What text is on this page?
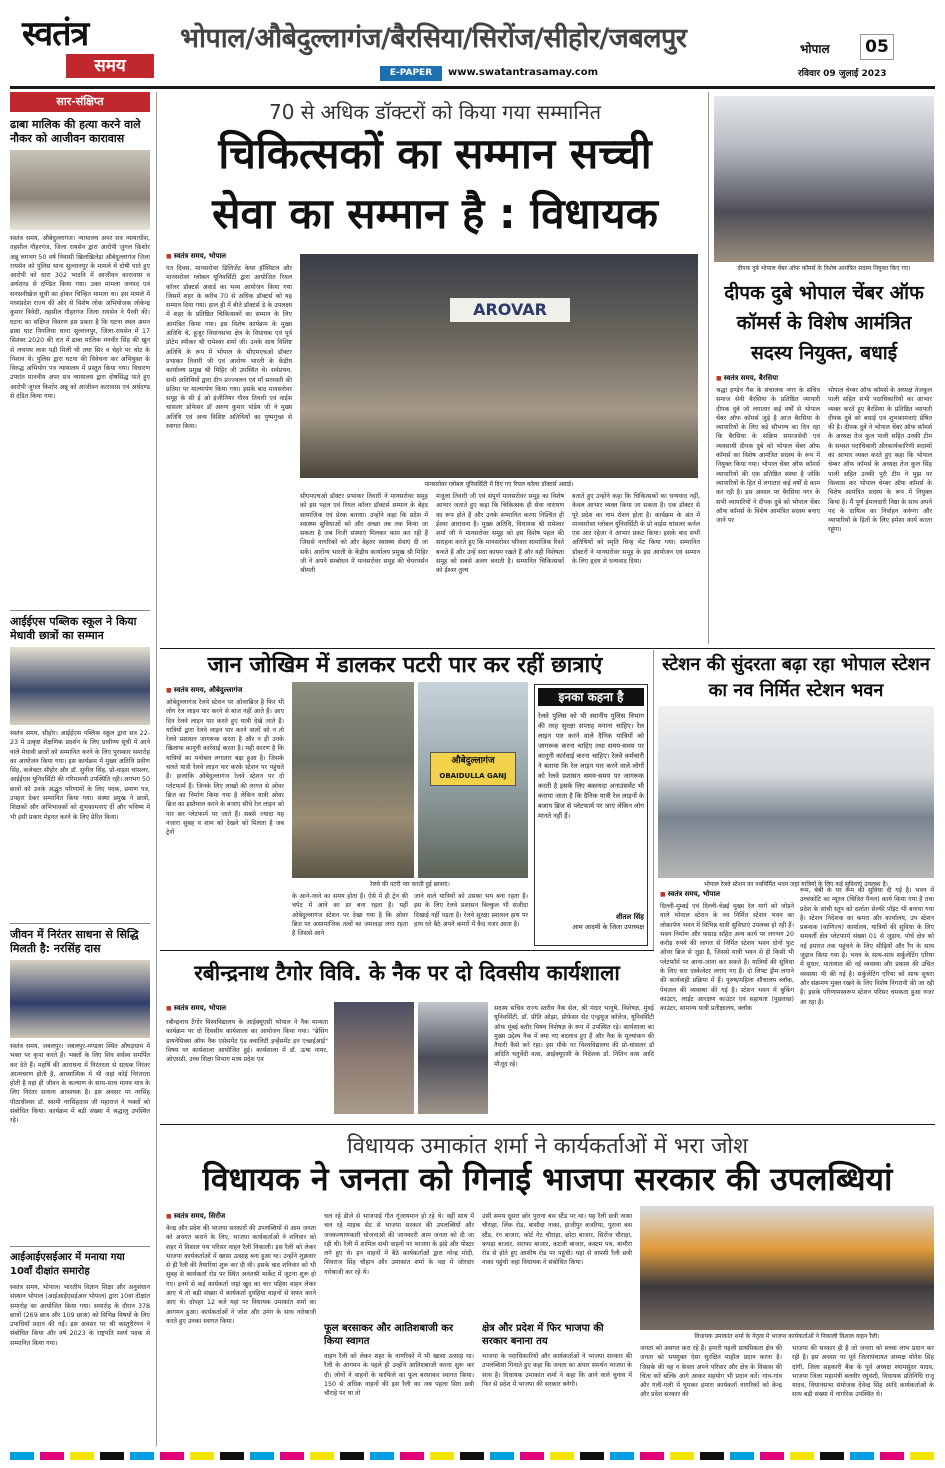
स्वतंत्र
समय
भोपाल/औबेदुल्लागंज/बैरसिया/सिरोंज/सीहोर/जबलपुर
E-PAPER	www.swatantrasamay.com
भोपाल	05
रविवार 09 जुलाई 2023
सार-संक्षिप्त
ढाबा मालिक की हत्या करने वाले नौकर को आजीवन कारावास
स्वतंत्र समय, औबेदुल्लागंज। न्यायालय अपर सत्र न्यायाधीश, तहसील गौहरगंज, जिला रायसेन द्वारा आरोपी जुगल किशोर अन्नू लगभग 50 वर्ष निवासी खिलखिलेड़ा औबेदुल्लागंज जिला रायसेन को पुलिस थाना सुल्तानपुर के मामले में दोषी पाते हुए आरोपी को धारा 302 भादवि में आजीवन कारावास व अर्थदण्ड से दण्डित किया गया। उक्त मामला जनपद एवं सनसनीखेज सूची का होकर चिन्हित मामला था। इस मामले में मध्यप्रदेश राज्य की ओर से विशेष लोक अभियोजक लोकेन्द्र कुमार त्रिवेदी, तहसील गौहरगंज जिला रायसेन ने पैरवी की। घटना का संक्षिप्त विवरण इस प्रकार है कि घटना स्थल अमन ढाबा घाट पिपलिया थाना सुल्तानपुर, जिला-रायसेन में 17 सितंबर 2020 की रात में ढाबा मालिक मनवीर सिंह की खून से लथपथ लाश पड़ी मिली थी तथा सिर व चेहरे पर चोट के निशान थे। पुलिस द्वारा घटना की विवेचना कर अभियुक्त के विरुद्ध अभियोग पत्र न्यायालय में प्रस्तुत किया गया। विचारण उपरांत माननीय अपर सत्र न्यायालय द्वारा दोषसिद्ध पाते हुए आरोपी जुगल किशोर अन्नू को आजीवन कारावास एवं अर्थदण्ड से दंडित किया गया।
आईईएस पब्लिक स्कूल ने किया मेधावी छात्रों का सम्मान
स्वतंत्र समय, सीहोर। आईईएस पब्लिक स्कूल द्वारा सत्र 22-23 में उत्कृष्ट शैक्षणिक प्रदर्शन के लिए प्रावीण्य सूची में आने वाले मेधावी छात्रों को सम्मानित करने के लिए पुरस्कार समारोह का आयोजन किया गया। इस कार्यक्रम में मुख्य अतिथि प्रवीण सिंह, कलेक्टर सीहोर और डॉ. सुनील सिंह, प्रो-वाइस चांसलर, आईईएस यूनिवर्सिटी की गरिमामयी उपस्थिति रही। लगभग 50 छात्रों को उनके अद्भुत परिणामों के लिए पदक, प्रमाण पत्र, उपहार देकर सम्मानित किया गया। संस्था प्रमुख ने छात्रों, शिक्षकों और अभिभावकों को शुभकामनाएं दीं और भविष्य में भी इसी प्रकार मेहनत करने के लिए प्रेरित किया।
जीवन में निरंतर साधना से सिद्धि मिलती है: नरसिंह दास
स्वतंत्र समय, जबलपुर। जबलपुर-मण्डला स्थित औघड़धाम में भक्त पर कृपा करते हैं। भक्तों के लिए शिव सर्वस्व समर्पित कर देते हैं। महर्षि की आराधना में निरंतरता से साधक निरंतर आत्मचरण होती है, आध्यात्मिक में भी जहां कोई निरंतरता होती है वहां ही जीवन के कल्याण के साथ-साथ मानव मात्र के लिए निरंतर साधना आवश्यक है। इस अवसर पर नरसिंह पीठाधीश्वर डॉ. स्वामी नरसिंहदास जी महाराज ने भक्तों को संबोधित किया। कार्यक्रम में बड़ी संख्या में श्रद्धालु उपस्थित रहे।
आईआईएसईआर में मनाया गया 10वाँ दीक्षांत समारोह
स्वतंत्र समय, भोपाल। भारतीय विज्ञान शिक्षा और अनुसंधान संस्थान भोपाल (आईआईएसईआर भोपाल) द्वारा 10वां दीक्षांत समारोह का आयोजित किया गया। समारोह के दौरान 378 छात्रों (269 छात्र और 109 छात्रा) को विभिन्न विषयों के लिए उपाधियाँ प्रदान की गईं। इस अवसर पर श्री कस्तूरीरंगन ने संबोधित किया और वर्ष 2023 के राष्ट्रपति स्वर्ण पदक से सम्मानित किया गया।
70 से अधिक डॉक्टरों को किया गया सम्मानित
चिकित्सकों का सम्मान सच्ची
सेवा का सम्मान है : विधायक
■ स्वतंत्र समय, भोपाल
गत दिवस, मानसरोवर डिलिजेंट केयर हॉस्पिटल और मानसरोवर ग्लोबल यूनिवर्सिटी द्वारा आयोजित रियल कॉलर डॉक्टर्स अवार्ड का भव्य आयोजन किया गया जिसमें शहर के करीब 70 से अधिक डॉक्टर्स को यह सम्मान दिया गया। हाल ही में बीते डॉक्टर्स डे के उपलक्ष्य में शहर के प्रतिष्ठित चिकित्सकों का सम्मान के लिए आमंत्रित किया गया। इस विशेष कार्यक्रम के मुख्य अतिथि थे, हुजूर विधानसभा क्षेत्र के विधायक एवं पूर्व प्रोटेम स्पीकर श्री रामेश्वर शर्मा जी। उनके साथ विशिष्ट अतिथि के रूप में भोपाल के सीएमएचओ डॉक्टर प्रभाकर तिवारी जी एवं आरोग्य भारती के केंद्रीय कार्यालय प्रमुख श्री मिहिर जी उपस्थित थे। सर्वप्रथम, सभी अतिथियों द्वारा दीप प्रज्ज्वलन एवं माँ सरस्वती की प्रतिमा पर माल्यार्पण किया गया। इसके बाद मानसरोवर समूह के सी ई ओ इंजीनियर गौरव तिवारी एवं वाईस चांसलर प्रोफेसर डॉ अरुण कुमार पांडेय जी ने मुख्य अतिथि एवं अन्य विशिष्ट अतिथियों का पुष्पगुच्छ से स्वागत किया।
AROVAR
मानसरोवर ग्लोबल यूनिवर्सिटी में दिए गए रियल कॉलर डॉक्टर्स अवार्ड।
सीएमएचओ डॉक्टर प्रभाकर तिवारी ने मानसरोवर समूह को इस पहल एवं रियल कॉलर डॉक्टर्स सम्मान के बेहद सामाजिक एवं प्रेरक बताया। उन्होंने कहा कि प्रदेश में स्वास्थ्य सुविधाओं को और अच्छा तब तक किया जा सकता है जब निजी संस्थाएं मिलकर काम कर रही हैं जिससे नागरिकों को और बेहतर स्वास्थ्य सेवाएं दी जा सकें। आरोग्य भारती के केंद्रीय कार्यालय प्रमुख श्री मिहिर जी ने अपने सम्बोधन में मानसरोवर समूह की चेयरपर्सन श्रीमती
मंजुला तिवारी जी एवं संपूर्ण मानसरोवर समूह का विशेष आभार जताते हुए कहा कि चिकित्सक ही सेवा नारायण का रूप होते हैं और उनके सम्मानित करना निश्चित ही ईश्वर आराधना है। मुख्य अतिथि, विधायक श्री रामेश्वर शर्मा जी ने मानसरोवर समूह को इस विशेष पहल की सराहना करते हुए कि मानसरोवर परिवार सामाजिक रिश्ते बनाते हैं और उन्हें सदा कायम रखते हैं और यही विशेषता समूह को सबसे अलग बनाती है। सम्मानित चिकित्सकों को ईश्वर तुल्य
बताते हुए उन्होंने कहा कि चिकित्सकों का धन्यवाद नहीं, केवल आभार व्यक्त किया जा सकता है। एक डॉक्टर से पूरे प्रदेश का नाम रोशन होता है। कार्यक्रम के अंत में मानसरोवर ग्लोबल यूनिवर्सिटी के प्रो वाईस चांसलर कर्नल एस आर रहेजा ने आभार प्रकट किया। इसके बाद सभी अतिथियों को स्मृति चिन्ह भेंट किया गया। सम्मानित डॉक्टरों ने मानसरोवर समूह के इस आयोजन एवं सम्मान के लिए हृदय से धन्यवाद दिया।
दीपक दुबे भोपाल चेंबर ऑफ कॉमर्स के विशेष आमंत्रित सदस्य नियुक्त किए गए।
दीपक दुबे भोपाल चेंबर ऑफ कॉमर्स के विशेष आमंत्रित सदस्य नियुक्त, बधाई
■ स्वतंत्र समय, बैरसिया
श्रद्धा इण्डेन गैस के संचालक नगर के संचिव समाज सेवी बैरसिया के प्रतिष्ठित व्यापारी दीपक दुबे जो लगातार कई वर्षों से भोपाल चेंबर ऑफ कॉमर्स जुड़े है आज बैरसिया के व्यापारियों के लिए बड़े सौभाग्य का दिन रहा कि बैरसिया के सक्रिय समाजसेवी एवं व्यवसायी दीपक दुबे को भोपाल चेंबर ऑफ कॉमर्स का विशेष आमंत्रित सदस्य के रूप में नियुक्त किया गया। भोपाल चेंबर ऑफ कॉमर्स व्यापारियों की एक प्रतिष्ठित संस्था है जोकि व्यापारियों के हित में लगातार कई वर्षों से काम कर रही है। इस अवसर पर बैरसिया नगर के सभी व्यापारियों ने दीपक दुबे को भोपाल चेंबर ऑफ कॉमर्स के विशेष आमंत्रित सदस्य बनाए जाने पर
भोपाल चेम्बर ऑफ कॉमर्स के अध्यक्ष तेजकुल पाली सहित सभी पदाधिकारियों का आभार व्यक्त करते हुए बैरसिया के प्रतिष्ठित व्यापारी दीपक दुबे को बधाई एवं शुभकामनाएं प्रेषित की है। दीपक दुबे ने भोपाल चेंबर ऑफ कॉमर्स के अध्यक्ष तेज कुल पाली सहित उनकी टीम के समस्त पदाधिकारी औरकार्यकारिणी सदस्यों का आभार व्यक्त करते हुए कहा कि भोपाल चेम्बर ऑफ कॉमर्स के अध्यक्ष तेज कुल सिंह पाली सहित उनकी पूरी टीम ने मुझ पर विश्वास कर भोपाल चेम्बर ऑफ कॉमर्स के विशेष आमंत्रित सदस्य के रूप में नियुक्त किया है। मैं पूर्ण ईमानदारी निष्ठा के साथ अपने पद के दायित्व का निर्वाहन करूंगा और व्यापारियों के हितों के लिए हमेशा कार्य करता रहूंगा।
जान जोखिम में डालकर पटरी पार कर रहीं छात्राएं
■ स्वतंत्र समय, औबेदुल्लागंज
ओबेदुल्लागंज रेलवे स्टेशन पर ओवरब्रिज है फिर भी लोग रेल लाइन पार करने से बाज नहीं आते हैं। आए दिन रेलवे लाइन पार करते हुए यात्री देखे जाते हैं। यात्रियों द्वारा रेलवे लाइन पार करने वालों को न तो रेलवे प्रशासन जागरूक करता है और न ही उनके खिलाफ कानूनी कार्रवाई करता है। यही कारण है कि यात्रियों का मनोबल लगातार बढ़ा हुआ है। जिसके चलते यात्री रेलवे लाइन पार करके स्टेशन पर पहुंचते हैं। हालांकि ओबेदुल्लागंज रेलवे स्टेशन पर दो प्लेटफार्म हैं। जिनके लिए लाखों की लागत से ओवर ब्रिज का निर्माण किया गया है लेकिन यात्री ओवर ब्रिज का इस्तेमाल करने के बजाए सीधे रेल लाइन को पार कर प्लेटफार्म पर जाते हैं। सबसे ज्यादा यह नजारा सुबह व शाम को देखने को मिलता है जब ट्रेनों
औबेदुल्लागंज
OBAIDULLA GANJ
रेलवे की पटरी पार करती हुई छात्राएं।
के आने-जाने का समय होता है। ऐसे में ही ट्रेन की चपेट में आने का डर बना रहता है। यहीं ओबेदुल्लागंज स्टेशन पर देखा गया है कि ओवर ब्रिज पर असामाजिक तत्वों का जमावड़ा लगा रहता है जिससे आने
जाने वाले यात्रियों को उसका भय बना रहता है। इस के लिए रेलवे प्रशासन बिल्कुल भी संजीदा दिखाई नहीं पड़ता है। रेलवे सुरक्षा प्रशासन हाथ पर हाथ धरे बैठे अपने कमरों में कैद नजर आता है।
इनका कहना है
रेलवे पुलिस को भी स्थानीय पुलिस विभाग की तरह सुरक्षा सप्ताह मनाना चाहिए। रेल लाइन पार करने वाले दैनिक यात्रियों को जागरूक करना चाहिए तथा समय-समय पर कानूनी कार्रवाई करना चाहिए। रेलवे कर्मचारी ने बताया कि रेल लाइन पार करने वाले लोगों को रेलवे प्रशासन समय-समय पर जागरूक करती है इसके लिए बकायदा अनाउंसमेंट भी कराया जाता है कि दैनिक यात्री रेल लाइनों के बजाय ब्रिज से प्लेटफार्म पर जाएं लेकिन लोग मानते नहीं हैं।
शीतल सिंह
आम आदमी के जिला उपाध्यक्ष
स्टेशन की सुंदरता बढ़ा रहा भोपाल स्टेशन का नव निर्मित स्टेशन भवन
भोपाल रेलवे स्टेशन का नवनिर्मित भवन जहां यात्रियों के लिए कई सुविधाएं उपलब्ध हैं।
■ स्वतंत्र समय, भोपाल
दिल्ली-मुम्बई एवं दिल्ली-चेन्नई मुख्य रेल मार्ग को जोड़ने वाले भोपाल स्टेशन के नव निर्मित स्टेशन भवन का लोकार्पण भवन में विभिन्न यात्री सुविधाएं उपलब्ध हो रही हैं। भवन निर्माण और फसाड सहित अन्य कार्य पर लगभग 20 करोड़ रुपये की लागत से निर्मित स्टेशन भवन दोनों फुट ओवर ब्रिज से जुड़ा है, जिससे यात्री भवन से ही किसी भी प्लेटफॉर्म पर आना-जाना कर सकते हैं। यात्रियों की सुविधा के लिए चार एस्केलेटर लगाए गए हैं। दो लिफ्ट ड्रीम लगाने की कार्यवाही प्रक्रिया में हैं। पुरुष/महिला शौचालय ब्लॉक, पेयजल की व्यवस्था की गई है। स्टेशन भवन में बुकिंग काउंटर, लाईट आरक्षण काउंटर एवं सहायता (पूछताछ) काउंटर, सामान्य यात्री प्रतीक्षालय, क्लॉक
रूम, बेबी के यर रूम की सुविधा दी गई है। भवन में उच्चकोटि का म्यूरल (चित्रित पैनल) कार्य किया गया है तथा प्रदेश के सांची स्तूप को दर्शाता सेल्फी पॉइंट भी बनाया गया है। स्टेशन निदेशक का कमरा और कार्यालय, उप स्टेशन प्रबन्धक (वाणिज्य) कार्यालय, यात्रियों की सुविधा के लिए समवर्ती क्षेत्र प्लेटफार्म संख्या 01 से जुड़ाव, पोर्च क्षेत्र को नई इमारत तक पहुंचने के लिए सीढ़ियों और रैंप के साथ जुड़ाव किया गया है। भवन के साथ-साथ सर्कुलेटिंग एरिया में सुधार, यातायात की नई व्यवस्था और प्रकाश की उचित व्यवस्था भी की गई है। सर्कुलेटिंग एरिया को साफ सुथरा और संक्रमण मुक्त रखने के लिए विशेष निगरानी की जा रही है। इसके परिणामस्वरूप स्टेशन परिसर चमकता हुआ नजर आ रहा है।
रबीन्द्रनाथ टैगोर विवि. के नैक पर दो दिवसीय कार्यशाला
■ स्वतंत्र समय, भोपाल
रबीन्द्रनाथ टैगोर विश्वविद्यालय के आईक्यूएसी भोपाल ने नैक मान्यता कार्यक्रम पर दो दिवसीय कार्यशाला का आयोजन किया गया। "ब्रेसिंग डायनेमिक्स ऑफ नैक एसेसमेंट एंड क्वालिटी इन्हेंसमेंट इन एच्छईआई" विषय पर कार्यशाला आयोजित हुई। कार्यशाला में डॉ. ऊषा नायर, ओएसडी, उच्च शिक्षा विभाग मध्य प्रदेश एवं
सदस्य सचिव राज्य स्तरीय नैक सेल, श्री मंदार भानुषे, विशेषज्ञ, मुंबई यूनिवर्सिटी, डॉ. प्रीति ओझा, प्रोफेसर सेंट एन्ड्रयूज कॉलेज, यूनिवर्सिटी ऑफ मुंबई बतौर विषय विशेषज्ञ के रूप में उपस्थित रहे। कार्यशाला का मुख्य उद्देश्य नैक में क्या नए बदलाव हुए हैं और नैक के मूल्यांकन की तैयारी कैसे करें रहा। इस मौके पर विश्वविद्यालय की प्रो-चांसलर डॉ अदिति चतुर्वेदी वत्स, आईक्यूएसी के निदेशक डॉ. नितिन वत्स आदि मौजूद रहे।
विधायक उमाकांत शर्मा ने कार्यकर्ताओं में भरा जोश
विधायक ने जनता को गिनाई भाजपा सरकार की उपलब्धियां
■ स्वतंत्र समय, सिरोंज
केन्द्र और प्रदेश की भाजपा सरकारों की उपलब्धियों से आम जनता को अवगत कराने के लिए, भाजपा कार्यकर्ताओं ने शनिवार को शहर में विशाल पथ परिसर वाहन रैली निकाली। इस रैली को लेकर भाजपा कार्यकर्ताओं में खासा उत्साह बना हुआ था। उन्होंने शुक्रवार से ही रैली की तैयारियां शुरू कर दी थी। इसके बाद शनिवार को भी सुबह से कार्यकर्ता रोड पर स्थित अनंतश्री मार्केट में जुटना शुरू हो गए। इनमें से कई कार्यकर्ता जहां खुद का चार पहिया वाहन लेकर आए थे तो बड़ी संख्या में कार्यकर्ता दुपहिया वाहनों से सफर करने आए थे। दोपहर 12 बजे यहां पर विधायक उमाकांत शर्मा का आगमन हुआ। कार्यकर्ताओं ने जोश और उमंग के साथ नारेबाजी करते हुए उनका स्वागत किया।
चल रहे डीजे से भाजपाई गीत गूंजायमान हो रहे थे। वहीं साथ में चल रहे माइक सेट से भाजपा सरकार की उपलब्धियों और जनकल्याणकारी योजनाओं की जानकारी आम जनता को दी जा रही थी। रैली में शामिल सभी वाहनों पर भाजपा के झंडे और पोस्टर लगे हुए थे। इन वाहनों में बैठे कार्यकर्ताओं द्वारा नरेन्द्र मोदी, शिवराज सिंह चौहान और उमाकांत शर्मा के पक्ष में जोरदार नारेबाजी कर रहे थे।
फूल बरसाकर और आतिशबाजी कर किया स्वागत
वाहन रैली को लेकर शहर के नागरिकों में भी खासा उत्साह था। रैली के आगमन के पहले ही उन्होंने आतिशबाजी करना शुरू कर दी। लोगों ने वाहनों के काफिले का फूल बरसाकर स्वागत किया। 150 से अधिक वाहनों की इस रैली का जब पहला सिरा छत्री चौराहे पर था तो
उसी समय दूसरा छोर पुराना बस स्टैंड पर था। यह रैली छत्री नाका चौराहा, लिंक रोड, बासौदा नाका, हाजीपुर बजरिया, पुराना बस स्टैंड, रंग बाजार, कोर्ट गेट चौराहा, छोटा बाजार, सिरोंज चौराहा, कपड़ा बाजार, सराफा बाजार, कटली बाजार, कस्टम पथ, बामौरा रोड से होते हुए आशीष रोड पर पहुंची। यहां से वापसी रैली छत्री नाका पहुंची जहां विधायक ने संबोधित किया।
क्षेत्र और प्रदेश में फिर भाजपा की सरकार बनाना तय
भाजपा के पदाधिकारियों और कार्यकर्ताओं ने भाजपा सरकार की उपलब्धियां गिनाते हुए कहा कि जनता का अपार समर्थन भाजपा के साथ है। विधायक उमाकांत शर्मा ने कहा कि आने वाले चुनाव में फिर से प्रदेश में भाजपा की सरकार बनेगी।
विधायक उमाकांत शर्मा के नेतृत्व में भाजपा कार्यकर्ताओं ने निकाली विशाल वाहन रैली।
जनता को अवगत करा रहे हैं। हमारी पहली प्राथमिकता क्षेत्र की जनता को भयमुक्त ऐसा सुरक्षित माहौल प्रदान करना है। जिसके की वह न केवल अपने परिवार और क्षेत्र के विकास की चिंता करें बल्कि आगे आकर सहयोग भी प्रदान करें। गांव-गांव और गली-गली में घूमकर हमारा कार्यकर्ता नागरिकों को केन्द्र और प्रदेश सरकार की
भाजपा की सरकार ही है जो जनता को सच्चा लाभ प्रदान कर रही है। इस अवसर पर पूर्व जिलापंचायत अध्यक्ष योगेश सिंह दांगी, जिला सहकारी बैंक के पूर्व अध्यक्ष श्यामसुंदर यादव, भाजपा जिला महामंत्री बलवीर रघुवंशी, विधायक प्रतिनिधि राजू यादव, विधानसभा संयोजक देवेन्द्र सिंह आदि कार्यकर्ताओं के साथ बड़ी संख्या में नागरिक उपस्थित थे।
